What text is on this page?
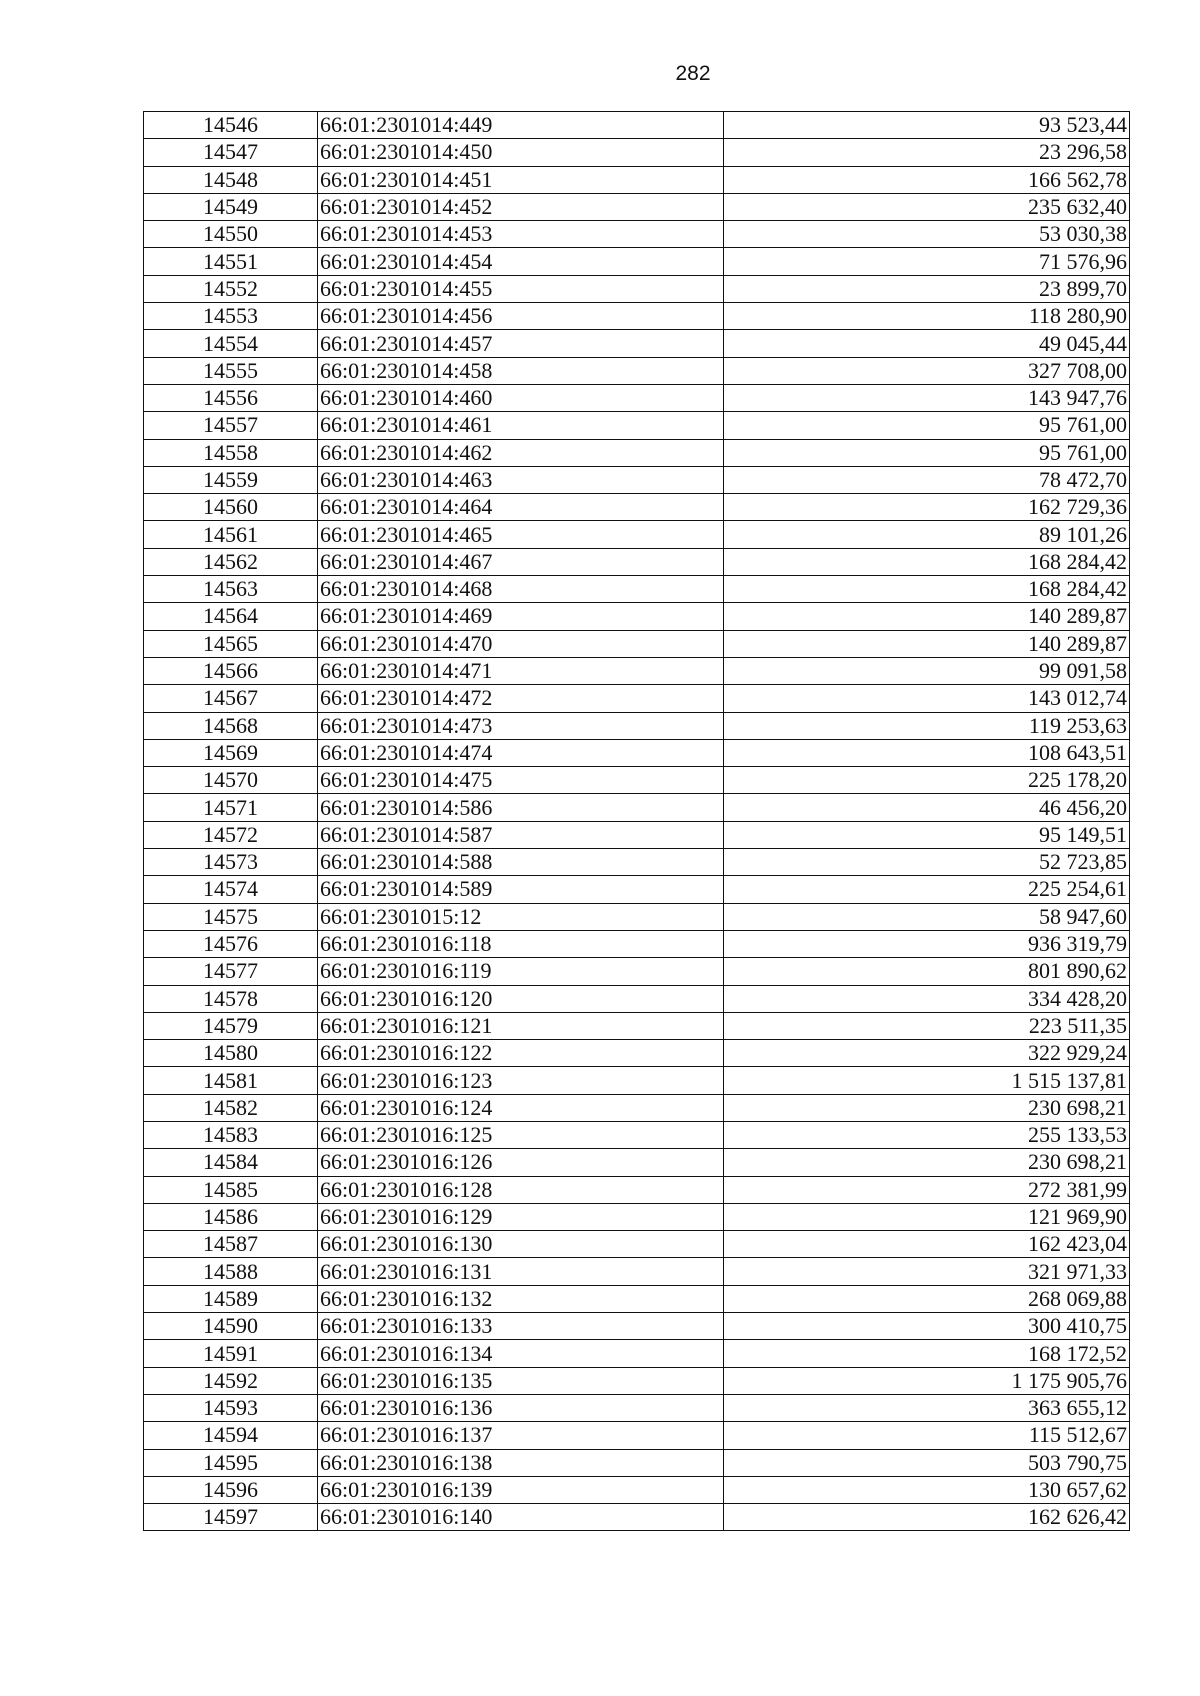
282
14546	66:01:2301014:449	93 523,44
14547	66:01:2301014:450	23 296,58
14548	66:01:2301014:451	166 562,78
14549	66:01:2301014:452	235 632,40
14550	66:01:2301014:453	53 030,38
14551	66:01:2301014:454	71 576,96
14552	66:01:2301014:455	23 899,70
14553	66:01:2301014:456	118 280,90
14554	66:01:2301014:457	49 045,44
14555	66:01:2301014:458	327 708,00
14556	66:01:2301014:460	143 947,76
14557	66:01:2301014:461	95 761,00
14558	66:01:2301014:462	95 761,00
14559	66:01:2301014:463	78 472,70
14560	66:01:2301014:464	162 729,36
14561	66:01:2301014:465	89 101,26
14562	66:01:2301014:467	168 284,42
14563	66:01:2301014:468	168 284,42
14564	66:01:2301014:469	140 289,87
14565	66:01:2301014:470	140 289,87
14566	66:01:2301014:471	99 091,58
14567	66:01:2301014:472	143 012,74
14568	66:01:2301014:473	119 253,63
14569	66:01:2301014:474	108 643,51
14570	66:01:2301014:475	225 178,20
14571	66:01:2301014:586	46 456,20
14572	66:01:2301014:587	95 149,51
14573	66:01:2301014:588	52 723,85
14574	66:01:2301014:589	225 254,61
14575	66:01:2301015:12	58 947,60
14576	66:01:2301016:118	936 319,79
14577	66:01:2301016:119	801 890,62
14578	66:01:2301016:120	334 428,20
14579	66:01:2301016:121	223 511,35
14580	66:01:2301016:122	322 929,24
14581	66:01:2301016:123	1 515 137,81
14582	66:01:2301016:124	230 698,21
14583	66:01:2301016:125	255 133,53
14584	66:01:2301016:126	230 698,21
14585	66:01:2301016:128	272 381,99
14586	66:01:2301016:129	121 969,90
14587	66:01:2301016:130	162 423,04
14588	66:01:2301016:131	321 971,33
14589	66:01:2301016:132	268 069,88
14590	66:01:2301016:133	300 410,75
14591	66:01:2301016:134	168 172,52
14592	66:01:2301016:135	1 175 905,76
14593	66:01:2301016:136	363 655,12
14594	66:01:2301016:137	115 512,67
14595	66:01:2301016:138	503 790,75
14596	66:01:2301016:139	130 657,62
14597	66:01:2301016:140	162 626,42
